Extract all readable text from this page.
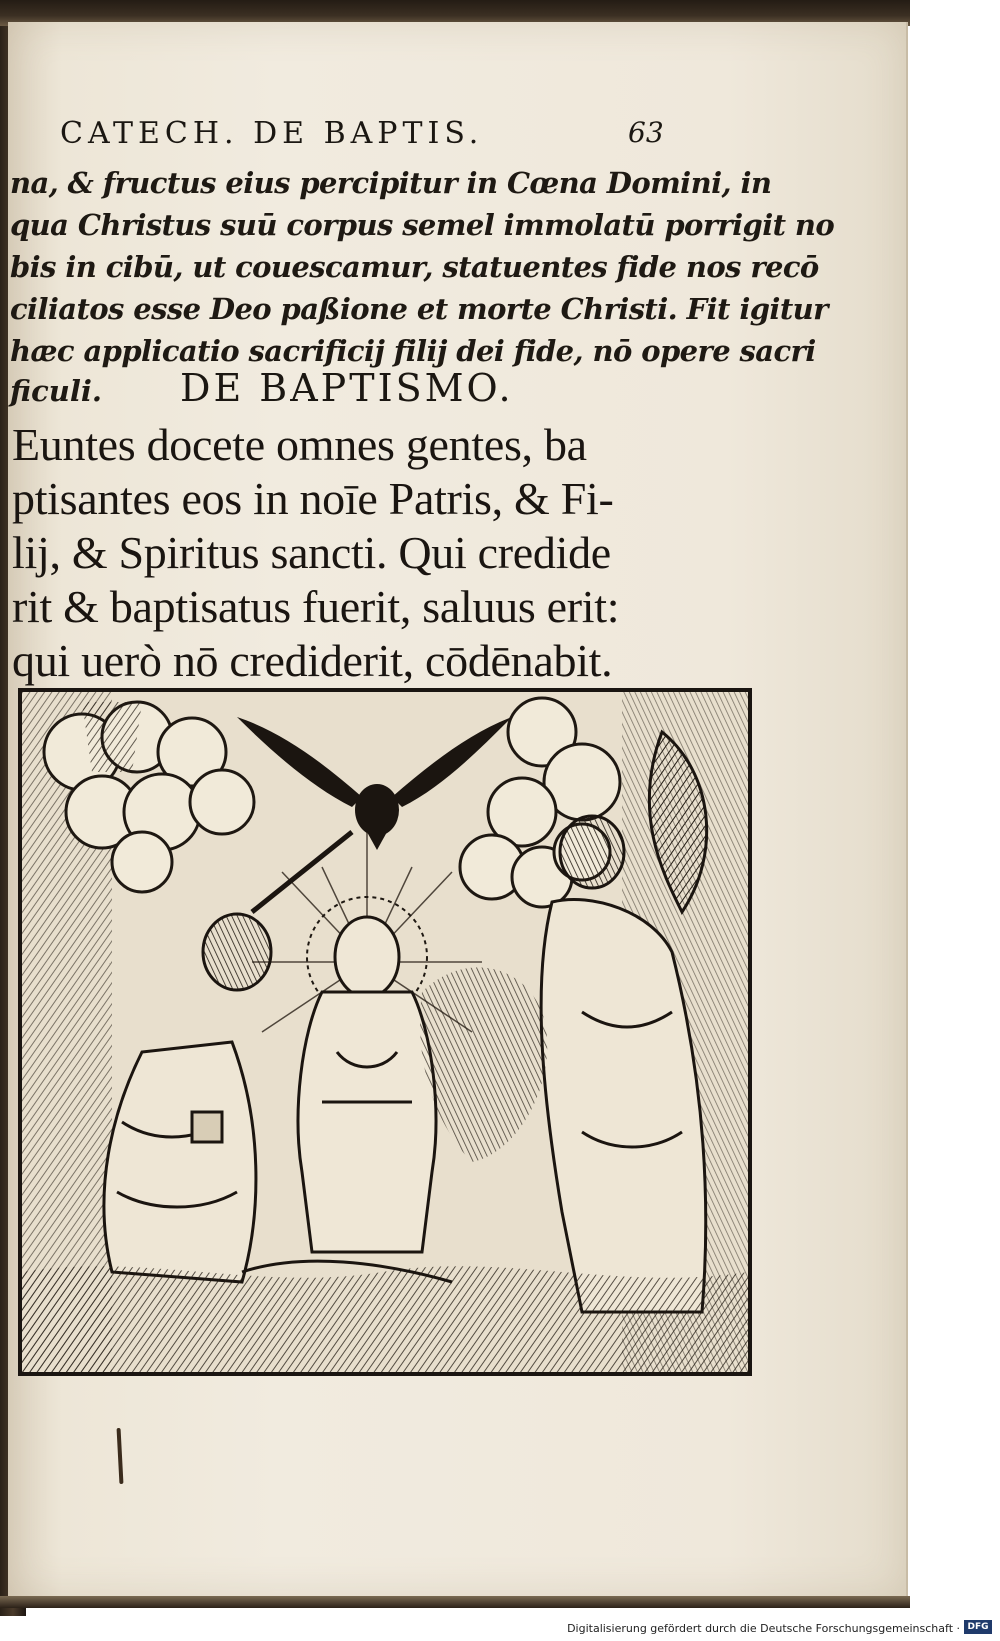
CATECH. DE BAPTIS.	63
na, & fructus eius percipitur in Cœna Domini, in
qua Christus suū corpus semel immolatū porrigit no
bis in cibū, ut couescamur, statuentes fide nos recō
ciliatos esse Deo paßione et morte Christi. Fit igitur
hæc applicatio sacrificij filij dei fide, nō opere sacri
ficuli. DE BAPTISMO.
Euntes docete omnes gentes, ba
ptisantes eos in noīe Patris, & Fi-
lij, & Spiritus sancti. Qui credide
rit & baptisatus fuerit, saluus erit:
qui uerò nō crediderit, cōdēnabit.
Digitalisierung gefördert durch die Deutsche Forschungsgemeinschaft · DFG
